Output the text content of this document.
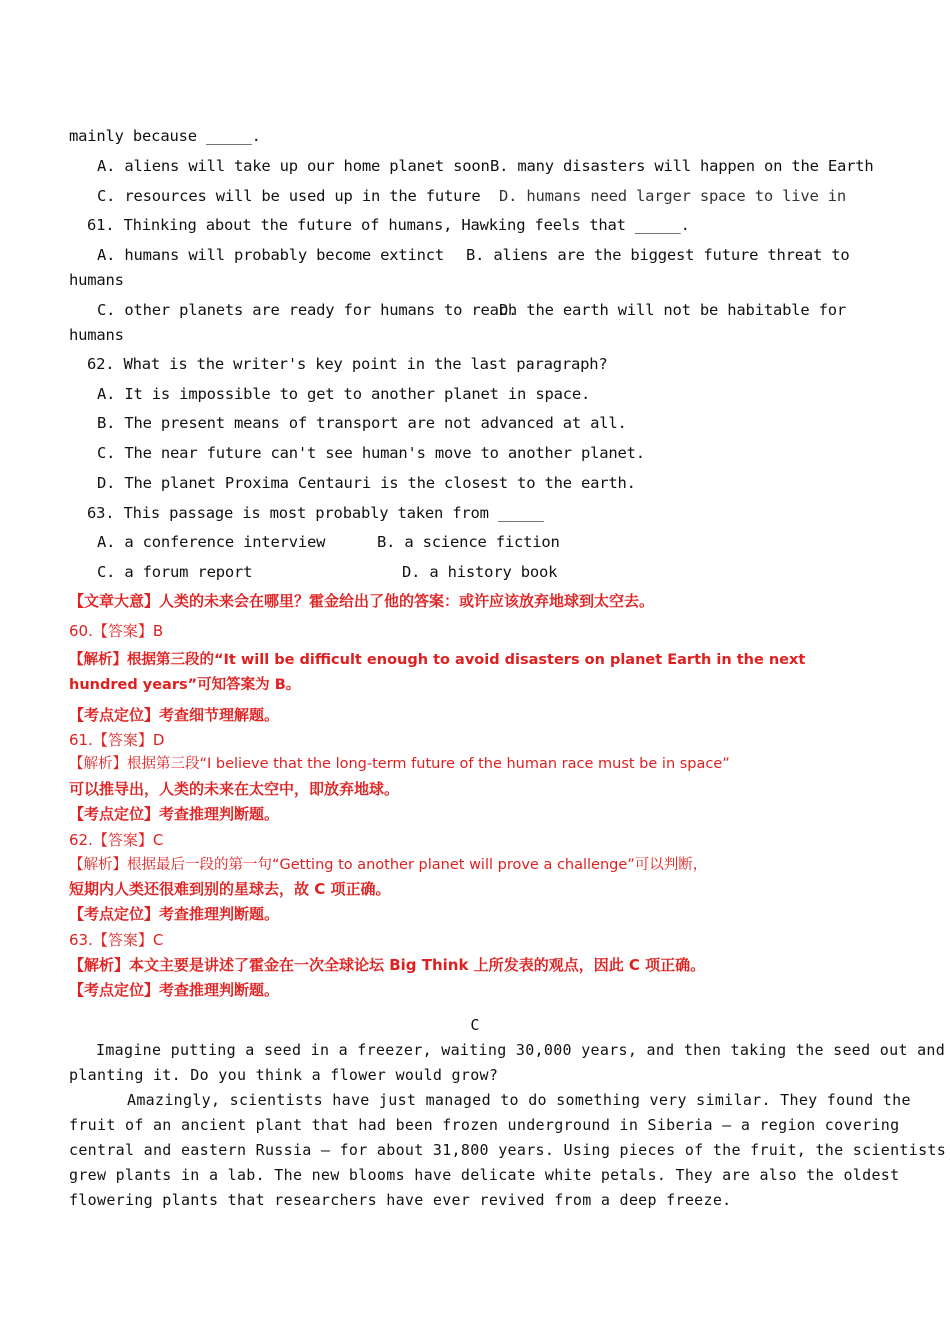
mainly because _____.
A. aliens will take up our home planet soon B. many disasters will happen on the Earth
C. resources will be used up in the future D. humans need larger space to live in
61. Thinking about the future of humans, Hawking feels that _____.
A. humans will probably become extinct B. aliens are the biggest future threat to
humans
C. other planets are ready for humans to reach
D. the earth will not be habitable for
humans
62. What is the writer's key point in the last paragraph?
A. It is impossible to get to another planet in space.
B. The present means of transport are not advanced at all.
C. The near future can't see human's move to another planet.
D. The planet Proxima Centauri is the closest to the earth.
63. This passage is most probably taken from _____
A. a conference interview	B. a science fiction
C. a forum report	D. a history book
【文章大意】人类的未来会在哪里？霍金给出了他的答案：或许应该放弃地球到太空去。
60.【答案】B
【解析】根据第三段的“It will be difficult enough to avoid disasters on planet Earth in the next
hundred years”可知答案为 B。
【考点定位】考查细节理解题。
61.【答案】D
【解析】根据第三段“I believe that the long-term future of the human race must be in space”
可以推导出，人类的未来在太空中，即放弃地球。
【考点定位】考查推理判断题。
62.【答案】C
【解析】根据最后一段的第一句“Getting to another planet will prove a challenge”可以判断，
短期内人类还很难到别的星球去，故 C 项正确。
【考点定位】考查推理判断题。
63.【答案】C
【解析】本文主要是讲述了霍金在一次全球论坛 Big Think 上所发表的观点，因此 C 项正确。
【考点定位】考查推理判断题。
C
Imagine putting a seed in a freezer, waiting 30,000 years, and then taking the seed out and
planting it. Do you think a flower would grow?
Amazingly, scientists have just managed to do something very similar. They found the
fruit of an ancient plant that had been frozen underground in Siberia — a region covering
central and eastern Russia — for about 31,800 years. Using pieces of the fruit, the scientists
grew plants in a lab. The new blooms have delicate white petals. They are also the oldest
flowering plants that researchers have ever revived from a deep freeze.
